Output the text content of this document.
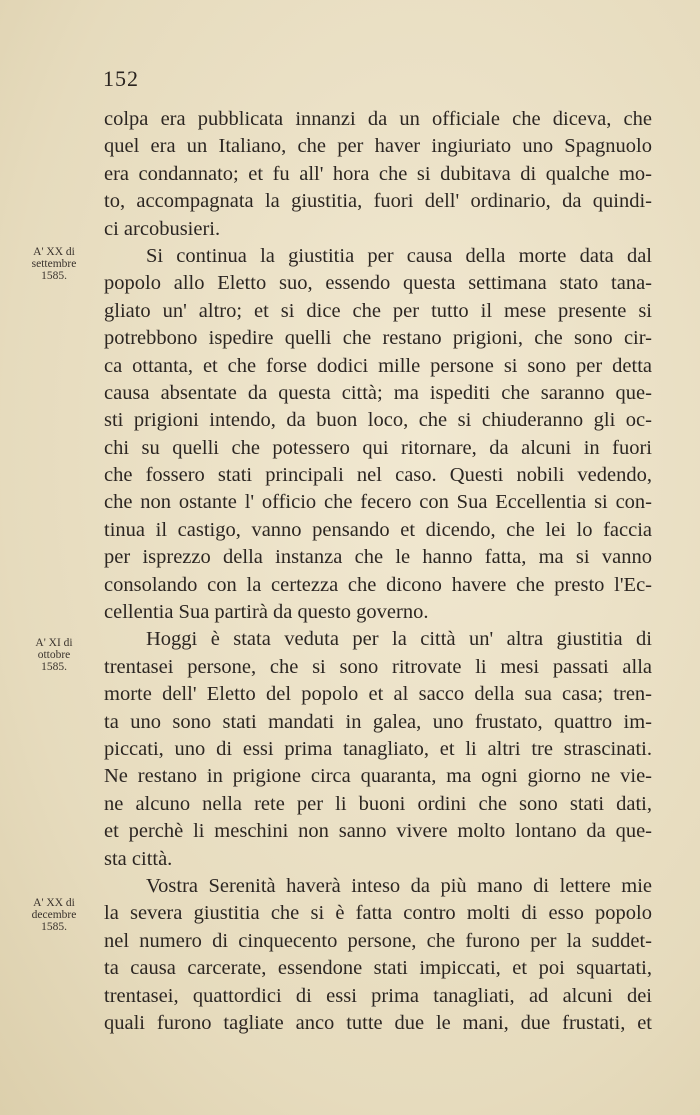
152
A' XX di
settembre
1585.
A' XI di
ottobre
1585.
A' XX di
decembre
1585.
colpa era pubblicata innanzi da un officiale che diceva, che
quel era un Italiano, che per haver ingiuriato uno Spagnuolo
era condannato; et fu all' hora che si dubitava di qualche mo-
to, accompagnata la giustitia, fuori dell' ordinario, da quindi-
ci arcobusieri.
Si continua la giustitia per causa della morte data dal
popolo allo Eletto suo, essendo questa settimana stato tana-
gliato un' altro; et si dice che per tutto il mese presente si
potrebbono ispedire quelli che restano prigioni, che sono cir-
ca ottanta, et che forse dodici mille persone si sono per detta
causa absentate da questa città; ma ispediti che saranno que-
sti prigioni intendo, da buon loco, che si chiuderanno gli oc-
chi su quelli che potessero qui ritornare, da alcuni in fuori
che fossero stati principali nel caso. Questi nobili vedendo,
che non ostante l' officio che fecero con Sua Eccellentia si con-
tinua il castigo, vanno pensando et dicendo, che lei lo faccia
per isprezzo della instanza che le hanno fatta, ma si vanno
consolando con la certezza che dicono havere che presto l'Ec-
cellentia Sua partirà da questo governo.
Hoggi è stata veduta per la città un' altra giustitia di
trentasei persone, che si sono ritrovate li mesi passati alla
morte dell' Eletto del popolo et al sacco della sua casa; tren-
ta uno sono stati mandati in galea, uno frustato, quattro im-
piccati, uno di essi prima tanagliato, et li altri tre strascinati.
Ne restano in prigione circa quaranta, ma ogni giorno ne vie-
ne alcuno nella rete per li buoni ordini che sono stati dati,
et perchè li meschini non sanno vivere molto lontano da que-
sta città.
Vostra Serenità haverà inteso da più mano di lettere mie
la severa giustitia che si è fatta contro molti di esso popolo
nel numero di cinquecento persone, che furono per la suddet-
ta causa carcerate, essendone stati impiccati, et poi squartati,
trentasei, quattordici di essi prima tanagliati, ad alcuni dei
quali furono tagliate anco tutte due le mani, due frustati, et
